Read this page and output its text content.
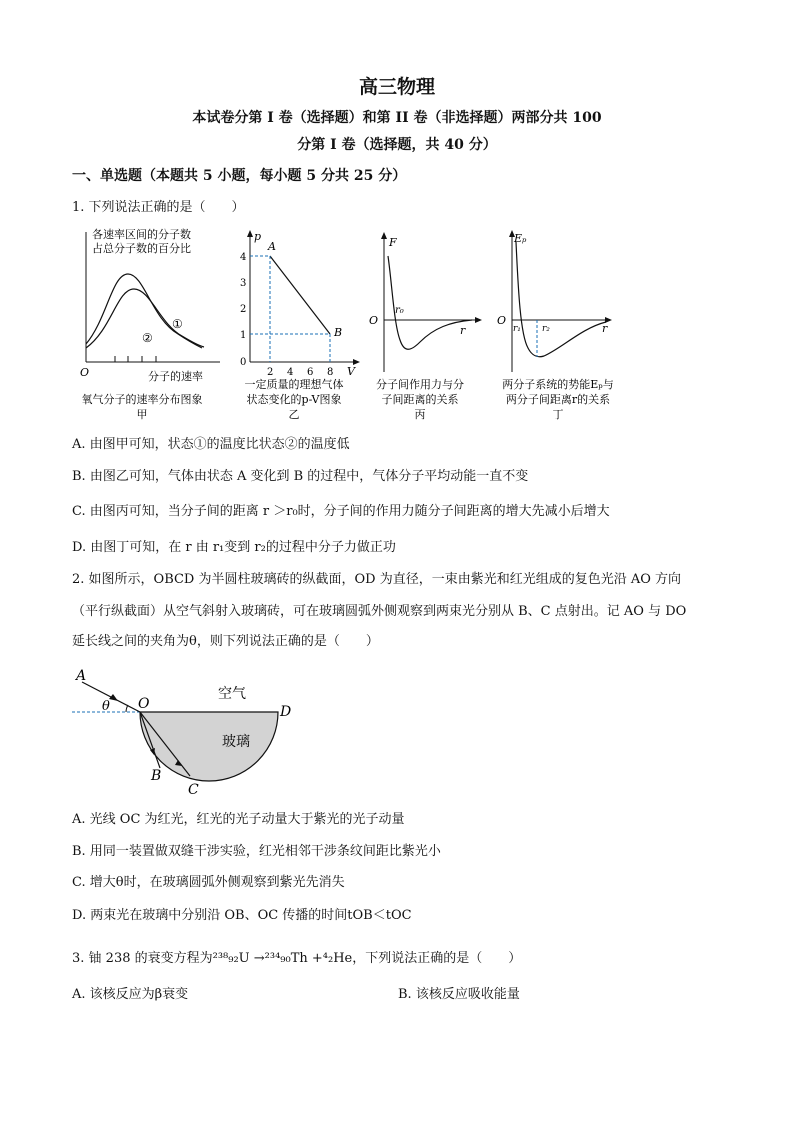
高三物理
本试卷分第 I 卷（选择题）和第 II 卷（非选择题）两部分共 100
分第 I 卷（选择题，共 40 分）
一、单选题（本题共 5 小题，每小题 5 分共 25 分）
1. 下列说法正确的是（　　）
各速率区间的分子数
占总分子数的百分比
①
②
O	分子的速率
氧气分子的速率分布图象
甲
p
A
B
0
1
2
3
4
2 4 6 8 V
一定质量的理想气体
状态变化的p-V图象
乙
F
O
r₀
r
分子间作用力与分
子间距离的关系
丙
Eₚ
O
r₁ r₂	r
两分子系统的势能Eₚ与
两分子间距离r的关系
丁
A. 由图甲可知，状态①的温度比状态②的温度低
B. 由图乙可知，气体由状态 A 变化到 B 的过程中，气体分子平均动能一直不变
C. 由图丙可知，当分子间的距离 r ＞r₀时，分子间的作用力随分子间距离的增大先减小后增大
D. 由图丁可知，在 r 由 r₁变到 r₂的过程中分子力做正功
2. 如图所示，OBCD 为半圆柱玻璃砖的纵截面，OD 为直径，一束由紫光和红光组成的复色光沿 AO 方向
（平行纵截面）从空气斜射入玻璃砖，可在玻璃圆弧外侧观察到两束光分别从 B、C 点射出。记 AO 与 DO
延长线之间的夹角为θ，则下列说法正确的是（　　）
A
θ O	D
B
C
空气
玻璃
A. 光线 OC 为红光，红光的光子动量大于紫光的光子动量
B. 用同一装置做双缝干涉实验，红光相邻干涉条纹间距比紫光小
C. 增大θ时，在玻璃圆弧外侧观察到紫光先消失
D. 两束光在玻璃中分别沿 OB、OC 传播的时间tOB＜tOC
3. 铀 238 的衰变方程为²³⁸₉₂U →²³⁴₉₀Th +⁴₂He，下列说法正确的是（　　）
A. 该核反应为β衰变	B. 该核反应吸收能量
